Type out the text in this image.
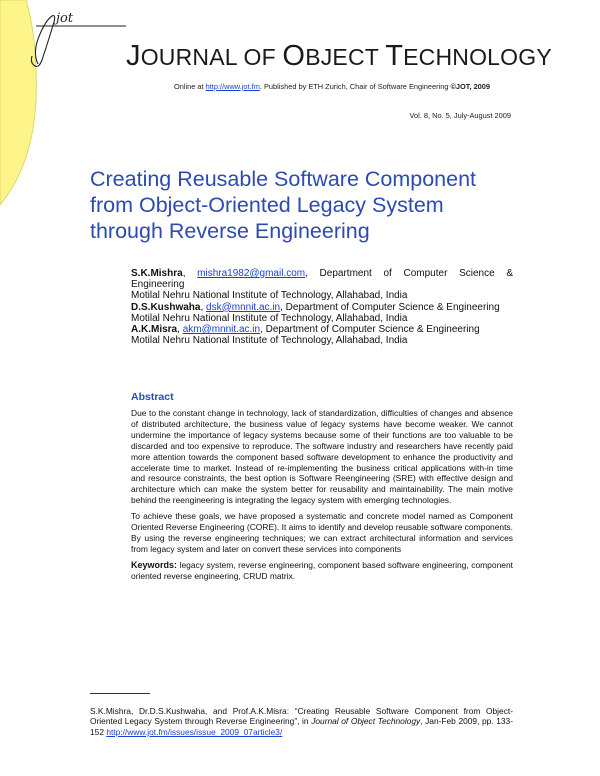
jot
JOURNAL OF OBJECT TECHNOLOGY
Online at http://www.jot.fm. Published by ETH Zurich, Chair of Software Engineering ©JOT, 2009
Vol. 8, No. 5, July-August 2009
Creating Reusable Software Component from Object-Oriented Legacy System through Reverse Engineering

S.K.Mishra, mishra1982@gmail.com, Department of Computer Science & Engineering

Motilal Nehru National Institute of Technology, Allahabad, India

D.S.Kushwaha, dsk@mnnit.ac.in, Department of Computer Science & Engineering

Motilal Nehru National Institute of Technology, Allahabad, India

A.K.Misra, akm@mnnit.ac.in, Department of Computer Science & Engineering

Motilal Nehru National Institute of Technology, Allahabad, India

Abstract

Due to the constant change in technology, lack of standardization, difficulties of changes and absence of distributed architecture, the business value of legacy systems have become weaker. We cannot undermine the importance of legacy systems because some of their functions are too valuable to be discarded and too expensive to reproduce. The software industry and researchers have recently paid more attention towards the component based software development to enhance the productivity and accelerate time to market. Instead of re-implementing the business critical applications with-in time and resource constraints, the best option is Software Reengineering (SRE) with effective design and architecture which can make the system better for reusability and maintainability. The main motive behind the reengineering is integrating the legacy system with emerging technologies.

To achieve these goals, we have proposed a systematic and concrete model named as Component Oriented Reverse Engineering (CORE). It aims to identify and develop reusable software components. By using the reverse engineering techniques; we can extract architectural information and services from legacy system and later on convert these services into components

Keywords: legacy system, reverse engineering, component based software engineering, component oriented reverse engineering, CRUD matrix.

S.K.Mishra, Dr.D.S.Kushwaha, and Prof.A.K.Misra: “Creating Reusable Software Component from Object-Oriented Legacy System through Reverse Engineering”, in Journal of Object Technology, Jan-Feb 2009, pp. 133-152 http://www.jot.fm/issues/issue_2009_07article3/
